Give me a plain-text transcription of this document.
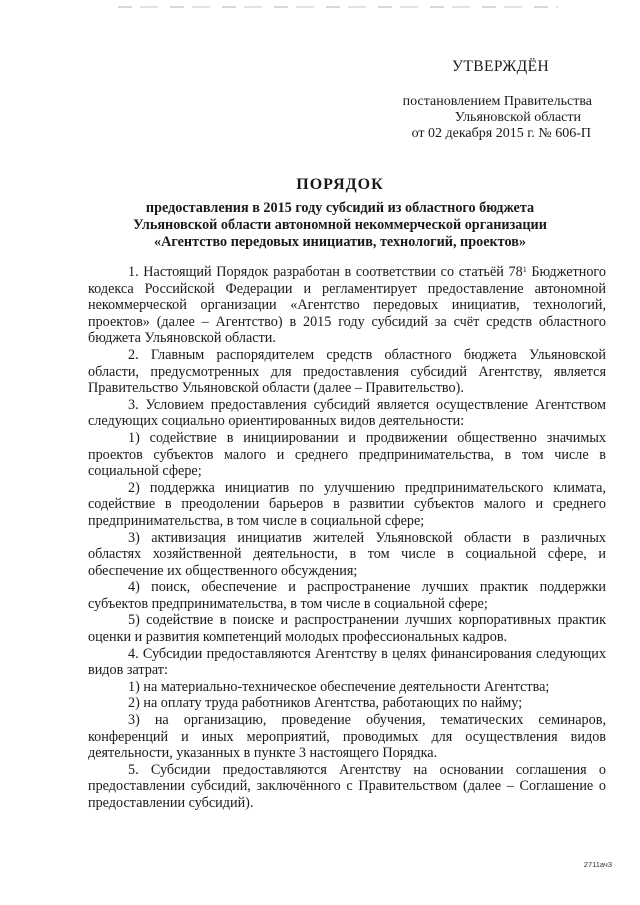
УТВЕРЖДЁН
постановлением Правительства
Ульяновской области
от 02 декабря 2015 г. № 606-П
ПОРЯДОК
предоставления в 2015 году субсидий из областного бюджета
Ульяновской области автономной некоммерческой организации
«Агентство передовых инициатив, технологий, проектов»

1. Настоящий Порядок разработан в соответствии со статьёй $78^1$ Бюджетного кодекса Российской Федерации и регламентирует предоставление автономной некоммерческой организации «Агентство передовых инициатив, технологий, проектов» (далее – Агентство) в 2015 году субсидий за счёт средств областного бюджета Ульяновской области.

2. Главным распорядителем средств областного бюджета Ульяновской области, предусмотренных для предоставления субсидий Агентству, является Правительство Ульяновской области (далее – Правительство).

3. Условием предоставления субсидий является осуществление Агентством следующих социально ориентированных видов деятельности:

1) содействие в инициировании и продвижении общественно значимых проектов субъектов малого и среднего предпринимательства, в том числе в социальной сфере;

2) поддержка инициатив по улучшению предпринимательского климата, содействие в преодолении барьеров в развитии субъектов малого и среднего предпринимательства, в том числе в социальной сфере;

3) активизация инициатив жителей Ульяновской области в различных областях хозяйственной деятельности, в том числе в социальной сфере, и обеспечение их общественного обсуждения;

4) поиск, обеспечение и распространение лучших практик поддержки субъектов предпринимательства, в том числе в социальной сфере;

5) содействие в поиске и распространении лучших корпоративных практик оценки и развития компетенций молодых профессиональных кадров.

4. Субсидии предоставляются Агентству в целях финансирования следующих видов затрат:

1) на материально-техническое обеспечение деятельности Агентства;

2) на оплату труда работников Агентства, работающих по найму;

3) на организацию, проведение обучения, тематических семинаров, конференций и иных мероприятий, проводимых для осуществления видов деятельности, указанных в пункте 3 настоящего Порядка.

5. Субсидии предоставляются Агентству на основании соглашения о предоставлении субсидий, заключённого с Правительством (далее – Соглашение о предоставлении субсидий).

2711ач3
